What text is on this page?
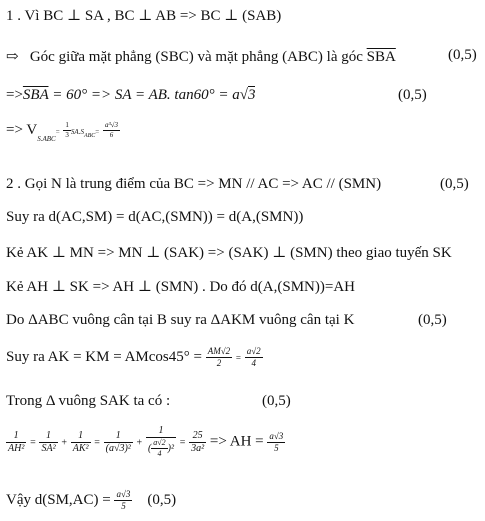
1 . Vì BC ⊥ SA , BC ⊥ AB => BC ⊥ (SAB)
⇨ Góc giữa mặt phẳng (SBC) và mặt phẳng (ABC) là góc $\overline{SBA}$	(0,5)
$=>\overline{SBA} = 60^\circ$ => SA = AB. tan60° = a√3	(0,5)
=> $V_{S.ABC}= \frac{1}{3} SA.S_{ABC}= \frac{\text{a³√3}}{6}$
2 . Gọi N là trung điểm của BC => MN // AC => AC // (SMN)	(0,5)
Suy ra d(AC,SM) = d(AC,(SMN)) = d(A,(SMN))
Kẻ AK ⊥ MN => MN ⊥ (SAK) => (SAK) ⊥ (SMN) theo giao tuyến SK
Kẻ AH ⊥ SK => AH ⊥ (SMN) . Do đó d(A,(SMN))=AH
Do ΔABC vuông cân tại B suy ra ΔAKM vuông cân tại K	(0,5)
Suy ra AK = KM = $AMcos45^\circ = \frac{AM√2}{2} = \frac{a√2}{4}$
Trong Δ vuông SAK ta có :	(0,5)
$\frac{1}{\text{AH²}} = \frac{1}{\text{SA²}} + \frac{1}{\text{AK²}} = \frac{1}{\text{(a√3)²}} + \frac{1}{( \frac{a√2}{4} )^2} = \frac{25}{\text{3a²}}$ => AH = $\frac{a√3}{5}$
Vậy $d(SM,AC) = \frac{a√3}{5} (0,5)$
